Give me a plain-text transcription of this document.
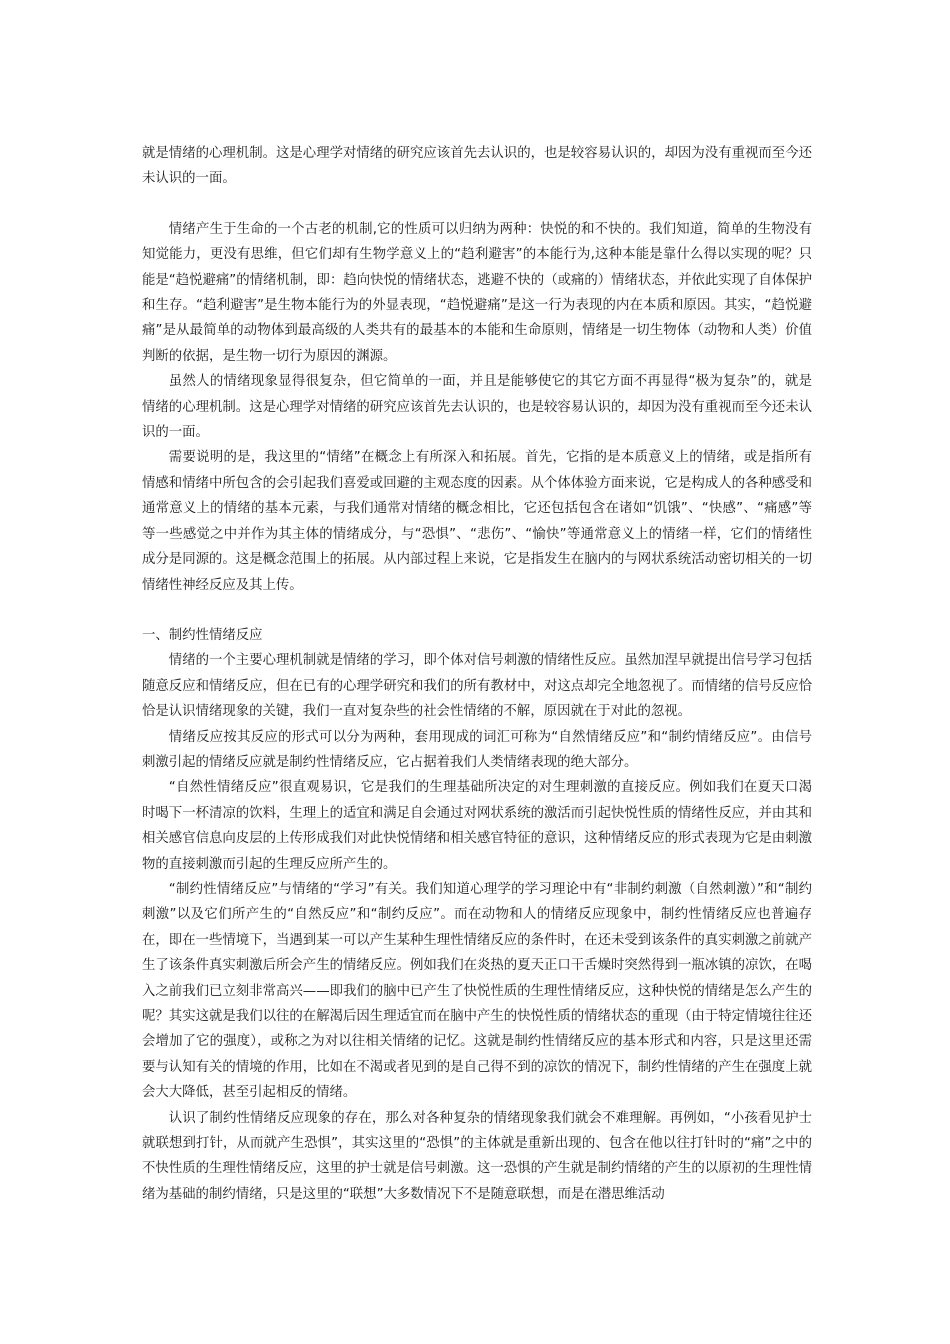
就是情绪的心理机制。这是心理学对情绪的研究应该首先去认识的，也是较容易认识的，却因为没有重视而至今还未认识的一面。

情绪产生于生命的一个古老的机制,它的性质可以归纳为两种：快悦的和不快的。我们知道，简单的生物没有知觉能力，更没有思维，但它们却有生物学意义上的“趋利避害”的本能行为,这种本能是靠什么得以实现的呢？只能是“趋悦避痛”的情绪机制，即：趋向快悦的情绪状态，逃避不快的（或痛的）情绪状态，并依此实现了自体保护和生存。“趋利避害”是生物本能行为的外显表现，“趋悦避痛”是这一行为表现的内在本质和原因。其实，“趋悦避痛”是从最简单的动物体到最高级的人类共有的最基本的本能和生命原则，情绪是一切生物体（动物和人类）价值判断的依据，是生物一切行为原因的渊源。

虽然人的情绪现象显得很复杂，但它简单的一面，并且是能够使它的其它方面不再显得“极为复杂”的，就是情绪的心理机制。这是心理学对情绪的研究应该首先去认识的，也是较容易认识的，却因为没有重视而至今还未认识的一面。

需要说明的是，我这里的“情绪”在概念上有所深入和拓展。首先，它指的是本质意义上的情绪，或是指所有情感和情绪中所包含的会引起我们喜爱或回避的主观态度的因素。从个体体验方面来说，它是构成人的各种感受和通常意义上的情绪的基本元素，与我们通常对情绪的概念相比，它还包括包含在诸如“饥饿”、“快感”、“痛感”等等一些感觉之中并作为其主体的情绪成分，与“恐惧”、“悲伤”、“愉快”等通常意义上的情绪一样，它们的情绪性成分是同源的。这是概念范围上的拓展。从内部过程上来说，它是指发生在脑内的与网状系统活动密切相关的一切情绪性神经反应及其上传。

一、制约性情绪反应

情绪的一个主要心理机制就是情绪的学习，即个体对信号刺激的情绪性反应。虽然加涅早就提出信号学习包括随意反应和情绪反应，但在已有的心理学研究和我们的所有教材中，对这点却完全地忽视了。而情绪的信号反应恰恰是认识情绪现象的关键，我们一直对复杂些的社会性情绪的不解，原因就在于对此的忽视。

情绪反应按其反应的形式可以分为两种，套用现成的词汇可称为“自然情绪反应”和“制约情绪反应”。由信号刺激引起的情绪反应就是制约性情绪反应，它占据着我们人类情绪表现的绝大部分。

“自然性情绪反应”很直观易识，它是我们的生理基础所决定的对生理刺激的直接反应。例如我们在夏天口渴时喝下一杯清凉的饮料，生理上的适宜和满足自会通过对网状系统的激活而引起快悦性质的情绪性反应，并由其和相关感官信息向皮层的上传形成我们对此快悦情绪和相关感官特征的意识，这种情绪反应的形式表现为它是由刺激物的直接刺激而引起的生理反应所产生的。

“制约性情绪反应”与情绪的“学习”有关。我们知道心理学的学习理论中有“非制约刺激（自然刺激）”和“制约刺激”以及它们所产生的“自然反应”和“制约反应”。而在动物和人的情绪反应现象中，制约性情绪反应也普遍存在，即在一些情境下，当遇到某一可以产生某种生理性情绪反应的条件时，在还未受到该条件的真实刺激之前就产生了该条件真实刺激后所会产生的情绪反应。例如我们在炎热的夏天正口干舌燥时突然得到一瓶冰镇的凉饮，在喝入之前我们已立刻非常高兴——即我们的脑中已产生了快悦性质的生理性情绪反应，这种快悦的情绪是怎么产生的呢？其实这就是我们以往的在解渴后因生理适宜而在脑中产生的快悦性质的情绪状态的重现（由于特定情境往往还会增加了它的强度），或称之为对以往相关情绪的记忆。这就是制约性情绪反应的基本形式和内容，只是这里还需要与认知有关的情境的作用，比如在不渴或者见到的是自己得不到的凉饮的情况下，制约性情绪的产生在强度上就会大大降低，甚至引起相反的情绪。

认识了制约性情绪反应现象的存在，那么对各种复杂的情绪现象我们就会不难理解。再例如，“小孩看见护士就联想到打针，从而就产生恐惧”，其实这里的“恐惧”的主体就是重新出现的、包含在他以往打针时的“痛”之中的不快性质的生理性情绪反应，这里的护士就是信号刺激。这一恐惧的产生就是制约情绪的产生的以原初的生理性情绪为基础的制约情绪，只是这里的“联想”大多数情况下不是随意联想，而是在潜思维活动
